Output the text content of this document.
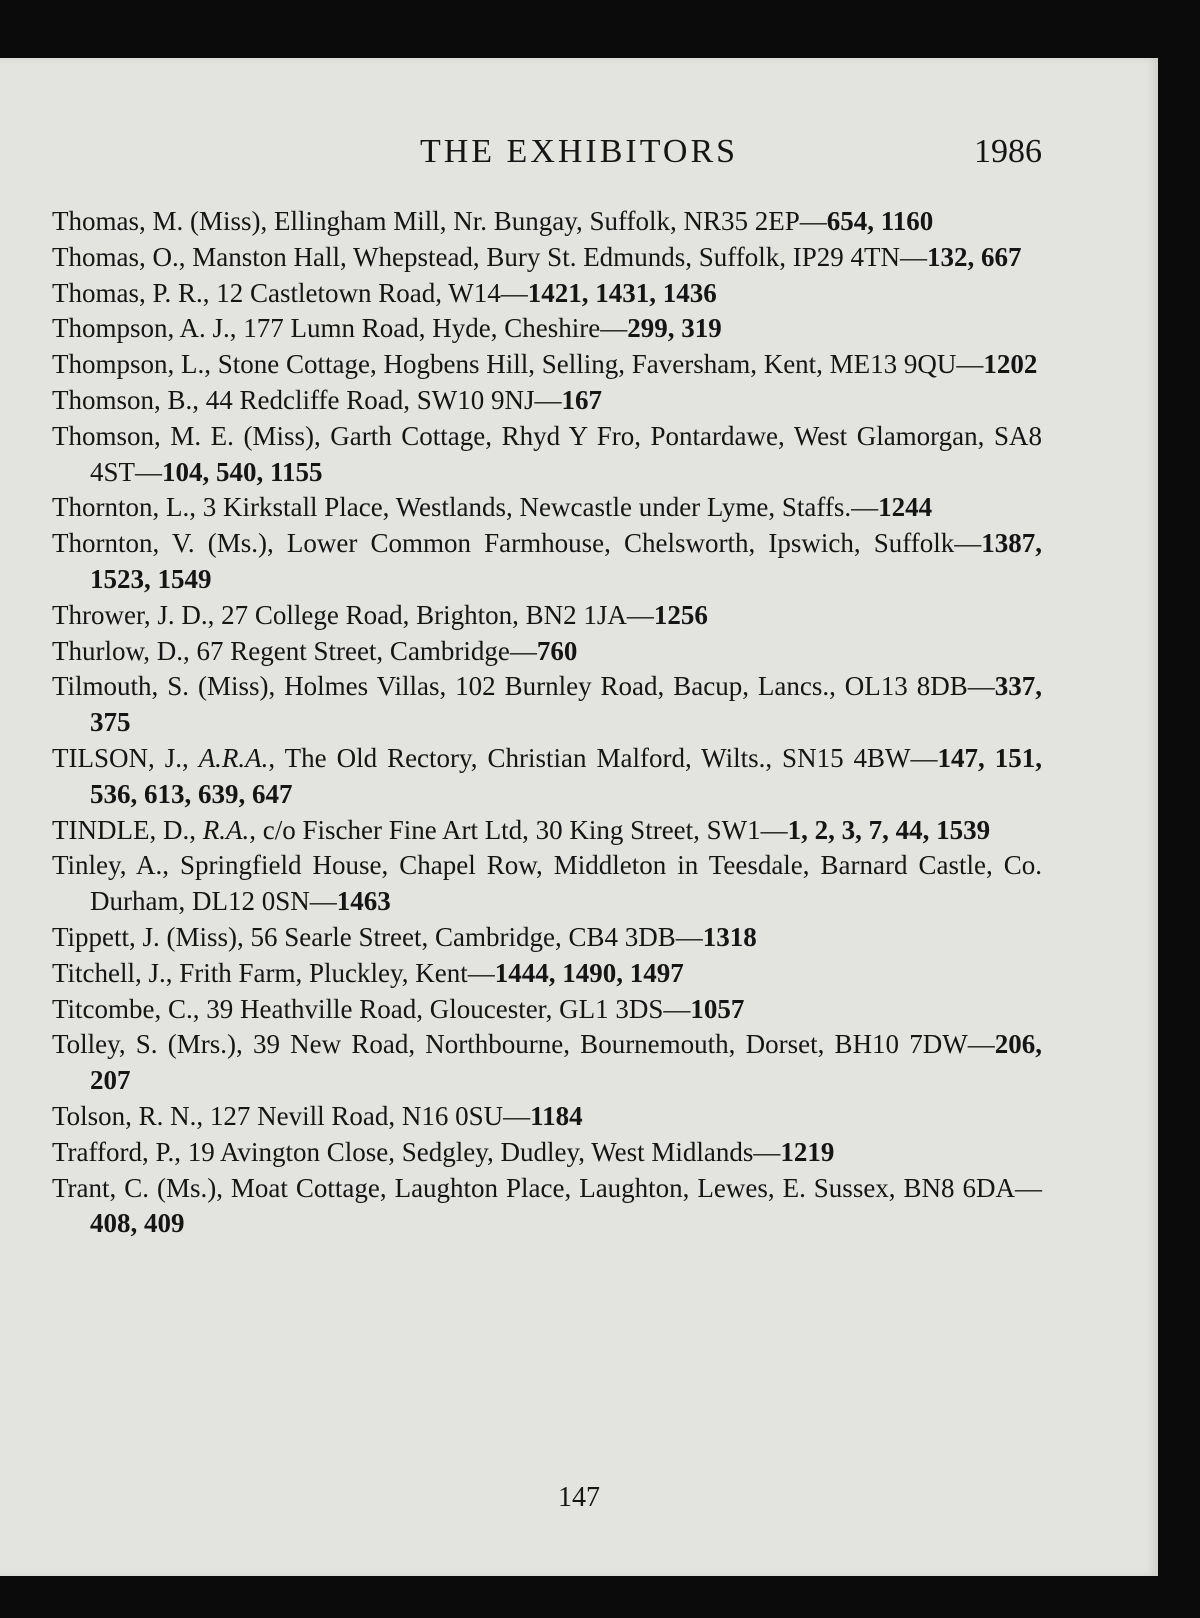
THE EXHIBITORS	1986
Thomas, M. (Miss), Ellingham Mill, Nr. Bungay, Suffolk, NR35 2EP—654, 1160
Thomas, O., Manston Hall, Whepstead, Bury St. Edmunds, Suffolk, IP29 4TN—132, 667
Thomas, P. R., 12 Castletown Road, W14—1421, 1431, 1436
Thompson, A. J., 177 Lumn Road, Hyde, Cheshire—299, 319
Thompson, L., Stone Cottage, Hogbens Hill, Selling, Faversham, Kent, ME13 9QU—1202
Thomson, B., 44 Redcliffe Road, SW10 9NJ—167
Thomson, M. E. (Miss), Garth Cottage, Rhyd Y Fro, Pontardawe, West Glamorgan, SA8 4ST—104, 540, 1155
Thornton, L., 3 Kirkstall Place, Westlands, Newcastle under Lyme, Staffs.—1244
Thornton, V. (Ms.), Lower Common Farmhouse, Chelsworth, Ipswich, Suffolk—1387, 1523, 1549
Thrower, J. D., 27 College Road, Brighton, BN2 1JA—1256
Thurlow, D., 67 Regent Street, Cambridge—760
Tilmouth, S. (Miss), Holmes Villas, 102 Burnley Road, Bacup, Lancs., OL13 8DB—337, 375
TILSON, J., A.R.A., The Old Rectory, Christian Malford, Wilts., SN15 4BW—147, 151, 536, 613, 639, 647
TINDLE, D., R.A., c/o Fischer Fine Art Ltd, 30 King Street, SW1—1, 2, 3, 7, 44, 1539
Tinley, A., Springfield House, Chapel Row, Middleton in Teesdale, Barnard Castle, Co. Durham, DL12 0SN—1463
Tippett, J. (Miss), 56 Searle Street, Cambridge, CB4 3DB—1318
Titchell, J., Frith Farm, Pluckley, Kent—1444, 1490, 1497
Titcombe, C., 39 Heathville Road, Gloucester, GL1 3DS—1057
Tolley, S. (Mrs.), 39 New Road, Northbourne, Bournemouth, Dorset, BH10 7DW—206, 207
Tolson, R. N., 127 Nevill Road, N16 0SU—1184
Trafford, P., 19 Avington Close, Sedgley, Dudley, West Midlands—1219
Trant, C. (Ms.), Moat Cottage, Laughton Place, Laughton, Lewes, E. Sussex, BN8 6DA—408, 409
147
